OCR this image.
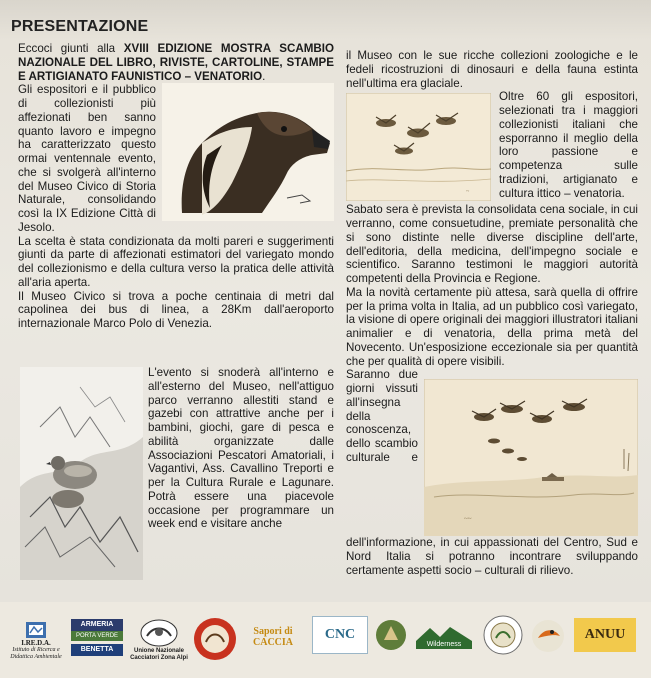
PRESENTAZIONE

Eccoci giunti alla XVIII EDIZIONE MOSTRA SCAMBIO NAZIONALE DEL LIBRO, RIVISTE, CARTOLINE, STAMPE E ARTIGIANATO FAUNISTICO – VENATORIO.

Gli espositori e il pubblico di collezionisti più affezionati ben sanno quanto lavoro e impegno ha caratterizzato questo ormai ventennale evento, che si svolgerà all'interno del Museo Civico di Storia Naturale, consolidando così la IX Edizione Città di Jesolo.

La scelta è stata condizionata da molti pareri e suggerimenti giunti da parte di affezionati estimatori del variegato mondo del collezionismo e della cultura verso la pratica delle attività all'aria aperta.

Il Museo Civico si trova a poche centinaia di metri dal capolinea dei bus di linea, a 28Km dall'aeroporto internazionale Marco Polo di Venezia.

L'evento si snoderà all'interno e all'esterno del Museo, nell'attiguo parco verranno allestiti stand e gazebi con attrattive anche per i bambini, giochi, gare di pesca e abilità organizzate dalle Associazioni Pescatori Amatoriali, i Vagantivi, Ass. Cavallino Treporti e per la Cultura Rurale e Lagunare. Potrà essere una piacevole occasione per programmare un week end e visitare anche

il Museo con le sue ricche collezioni zoologiche e le fedeli ricostruzioni di dinosauri e della fauna estinta nell'ultima era glaciale.

~

Oltre 60 gli espositori, selezionati tra i maggiori collezionisti italiani che esporranno il meglio della loro passione e competenza sulle tradizioni, artigianato e cultura ittico – venatoria.

Sabato sera è prevista la consolidata cena sociale, in cui verranno, come consuetudine, premiate personalità che si sono distinte nelle diverse discipline dell'arte, dell'editoria, della medicina, dell'impegno sociale e scientifico. Saranno testimoni le maggiori autorità competenti della Provincia e Regione.

Ma la novità certamente più attesa, sarà quella di offrire per la prima volta in Italia, ad un pubblico così variegato, la visione di opere originali dei maggiori illustratori italiani animalier e di venatoria, della prima metà del Novecento. Un'esposizione eccezionale sia per quantità che per qualità di opere visibili.

~~

Saranno due giorni vissuti all'insegna della conoscenza, dello scambio culturale e dell'informazione, in cui appassionati del Centro, Sud e Nord Italia si potranno incontrare sviluppando certamente aspetti socio – culturali di rilievo.

I.RE.D.A.
Istituto di Ricerca e Didattica Ambientale
ARMERIA
PORTA VERDE
BENETTA	Unione Nazionale Cacciatori Zona Alpi
Sapori di CACCIA
CNC
Wilderness
ANUU
